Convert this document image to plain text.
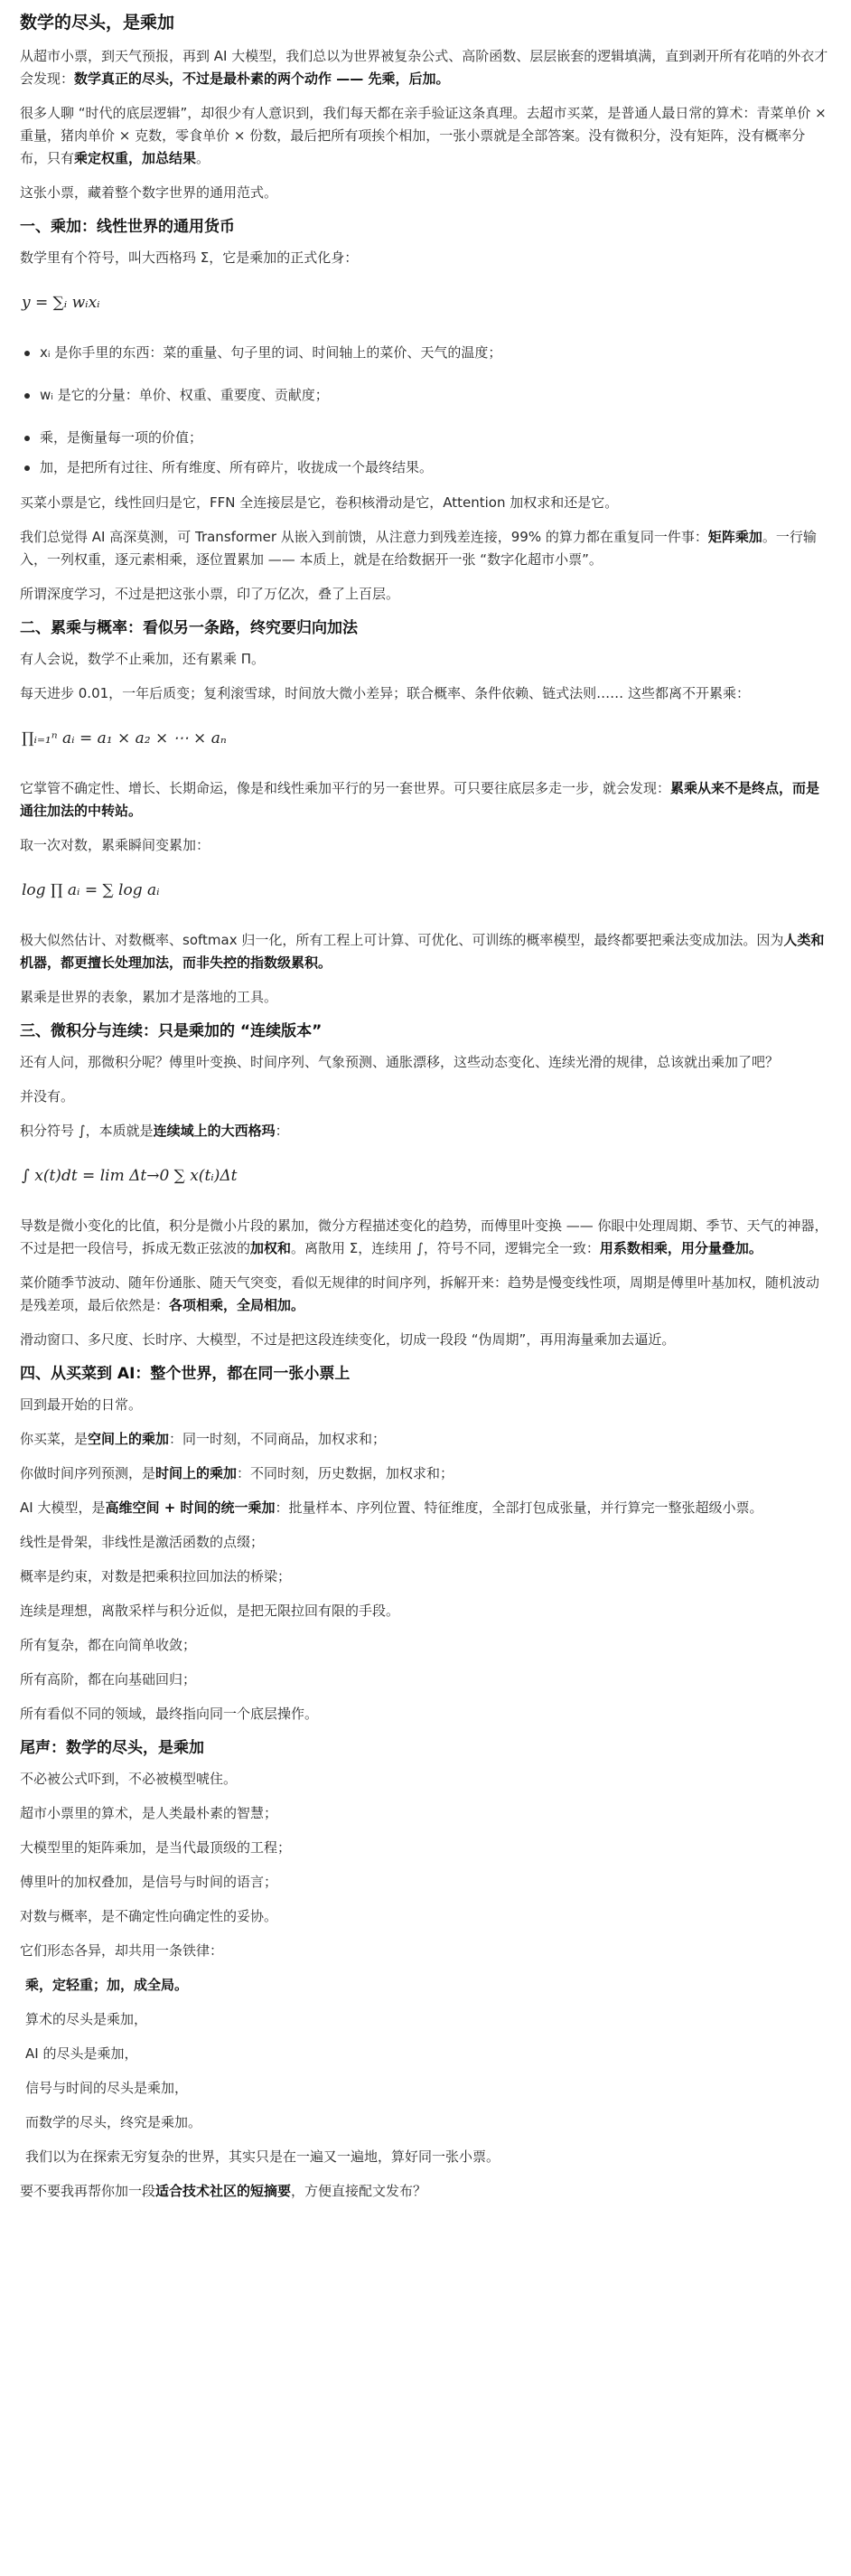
数学的尽头，是乘加
从超市小票，到天气预报，再到 AI 大模型，我们总以为世界被复杂公式、高阶函数、层层嵌套的逻辑填满，直到剥开所有花哨的外衣才会发现：数学真正的尽头，不过是最朴素的两个动作 —— 先乘，后加。
很多人聊 “时代的底层逻辑”，却很少有人意识到，我们每天都在亲手验证这条真理。去超市买菜，是普通人最日常的算术：青菜单价 × 重量，猪肉单价 × 克数，零食单价 × 份数，最后把所有项挨个相加，一张小票就是全部答案。没有微积分，没有矩阵，没有概率分布，只有乘定权重，加总结果。
这张小票，藏着整个数字世界的通用范式。
一、乘加：线性世界的通用货币
数学里有个符号，叫大西格玛 Σ，它是乘加的正式化身：
y = ∑ᵢ wᵢxᵢ
xᵢ 是你手里的东西：菜的重量、句子里的词、时间轴上的菜价、天气的温度；
wᵢ 是它的分量：单价、权重、重要度、贡献度；
乘，是衡量每一项的价值；
加，是把所有过往、所有维度、所有碎片，收拢成一个最终结果。
买菜小票是它，线性回归是它，FFN 全连接层是它，卷积核滑动是它，Attention 加权求和还是它。
我们总觉得 AI 高深莫测，可 Transformer 从嵌入到前馈，从注意力到残差连接，99% 的算力都在重复同一件事：矩阵乘加。一行输入，一列权重，逐元素相乘，逐位置累加 —— 本质上，就是在给数据开一张 “数字化超市小票”。
所谓深度学习，不过是把这张小票，印了万亿次，叠了上百层。
二、累乘与概率：看似另一条路，终究要归向加法
有人会说，数学不止乘加，还有累乘 Π。
每天进步 0.01，一年后质变；复利滚雪球，时间放大微小差异；联合概率、条件依赖、链式法则…… 这些都离不开累乘：
∏ᵢ₌₁ⁿ aᵢ = a₁ × a₂ × ⋯ × aₙ
它掌管不确定性、增长、长期命运，像是和线性乘加平行的另一套世界。可只要往底层多走一步，就会发现：累乘从来不是终点，而是通往加法的中转站。
取一次对数，累乘瞬间变累加：
log ∏ aᵢ = ∑ log aᵢ
极大似然估计、对数概率、softmax 归一化，所有工程上可计算、可优化、可训练的概率模型，最终都要把乘法变成加法。因为人类和机器，都更擅长处理加法，而非失控的指数级累积。
累乘是世界的表象，累加才是落地的工具。
三、微积分与连续：只是乘加的 “连续版本”
还有人问，那微积分呢？傅里叶变换、时间序列、气象预测、通胀漂移，这些动态变化、连续光滑的规律，总该就出乘加了吧？
并没有。
积分符号 ∫，本质就是连续域上的大西格玛：
∫ x(t)dt = lim Δt→0 ∑ x(tᵢ)Δt
导数是微小变化的比值，积分是微小片段的累加，微分方程描述变化的趋势，而傅里叶变换 —— 你眼中处理周期、季节、天气的神器，不过是把一段信号，拆成无数正弦波的加权和。离散用 Σ，连续用 ∫，符号不同，逻辑完全一致：用系数相乘，用分量叠加。
菜价随季节波动、随年份通胀、随天气突变，看似无规律的时间序列，拆解开来：趋势是慢变线性项，周期是傅里叶基加权，随机波动是残差项，最后依然是：各项相乘，全局相加。
滑动窗口、多尺度、长时序、大模型，不过是把这段连续变化，切成一段段 “伪周期”，再用海量乘加去逼近。
四、从买菜到 AI：整个世界，都在同一张小票上
回到最开始的日常。
你买菜，是空间上的乘加：同一时刻，不同商品，加权求和；
你做时间序列预测，是时间上的乘加：不同时刻，历史数据，加权求和；
AI 大模型，是高维空间 + 时间的统一乘加：批量样本、序列位置、特征维度，全部打包成张量，并行算完一整张超级小票。
线性是骨架，非线性是激活函数的点缀；
概率是约束，对数是把乘积拉回加法的桥梁；
连续是理想，离散采样与积分近似，是把无限拉回有限的手段。
所有复杂，都在向简单收敛；
所有高阶，都在向基础回归；
所有看似不同的领域，最终指向同一个底层操作。
尾声：数学的尽头，是乘加
不必被公式吓到，不必被模型唬住。
超市小票里的算术，是人类最朴素的智慧；
大模型里的矩阵乘加，是当代最顶级的工程；
傅里叶的加权叠加，是信号与时间的语言；
对数与概率，是不确定性向确定性的妥协。
它们形态各异，却共用一条铁律：
乘，定轻重；加，成全局。
算术的尽头是乘加，
AI 的尽头是乘加，
信号与时间的尽头是乘加，
而数学的尽头，终究是乘加。
我们以为在探索无穷复杂的世界，其实只是在一遍又一遍地，算好同一张小票。
要不要我再帮你加一段适合技术社区的短摘要，方便直接配文发布？
